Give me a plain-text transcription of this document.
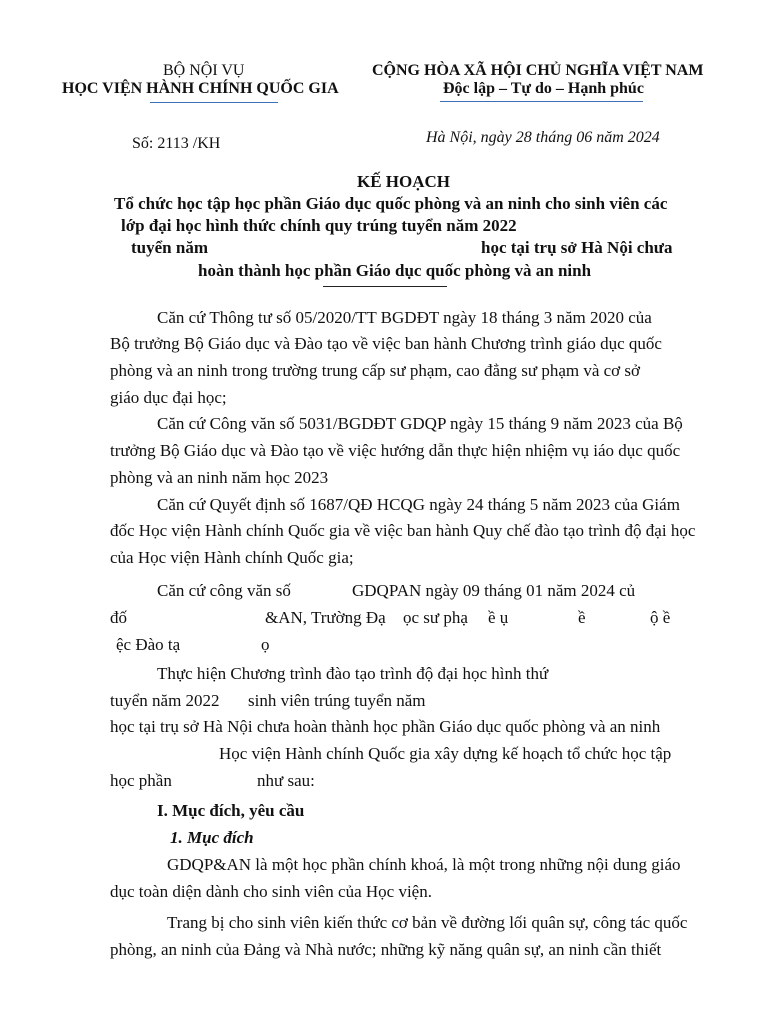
BỘ NỘI VỤ
HỌC VIỆN HÀNH CHÍNH QUỐC GIA
CỘNG HÒA XÃ HỘI CHỦ NGHĨA VIỆT NAM
Độc lập – Tự do – Hạnh phúc
Số: 2113 /KH	Hà Nội, ngày 28 tháng 06 năm 2024
KẾ HOẠCH
Tổ chức học tập học phần Giáo dục quốc phòng và an ninh cho sinh viên các
lớp đại học hình thức chính quy trúng tuyển năm 2022
tuyển năm	học tại trụ sở Hà Nội chưa
hoàn thành học phần Giáo dục quốc phòng và an ninh
Căn cứ Thông tư số 05/2020/TT BGDĐT ngày 18 tháng 3 năm 2020 của
Bộ trưởng Bộ Giáo dục và Đào tạo về việc ban hành Chương trình giáo dục quốc
phòng và an ninh trong trường trung cấp sư phạm, cao đẳng sư phạm và cơ sở
giáo dục đại học;
Căn cứ Công văn số 5031/BGDĐT GDQP ngày 15 tháng 9 năm 2023 của Bộ
trưởng Bộ Giáo dục và Đào tạo về việc hướng dẫn thực hiện nhiệm vụ iáo dục quốc
phòng và an ninh năm học 2023
Căn cứ Quyết định số 1687/QĐ HCQG ngày 24 tháng 5 năm 2023 của Giám
đốc Học viện Hành chính Quốc gia về việc ban hành Quy chế đào tạo trình độ đại học
của Học viện Hành chính Quốc gia;
Căn cứ công văn số	GDQPAN ngày 09 tháng 01 năm 2024 củ
đố	&AN, Trường Đạ ọc sư phạ ề ụ	ề	ộ ề
ệc Đào tạ	ọ
Thực hiện Chương trình đào tạo trình độ đại học hình thứ
tuyển năm 2022 sinh viên trúng tuyển năm
học tại trụ sở Hà Nội chưa hoàn thành học phần Giáo dục quốc phòng và an ninh
Học viện Hành chính Quốc gia xây dựng kế hoạch tổ chức học tập
học phần	như sau:
I. Mục đích, yêu cầu
1. Mục đích
GDQP&AN là một học phần chính khoá, là một trong những nội dung giáo
dục toàn diện dành cho sinh viên của Học viện.
Trang bị cho sinh viên kiến thức cơ bản về đường lối quân sự, công tác quốc
phòng, an ninh của Đảng và Nhà nước; những kỹ năng quân sự, an ninh cần thiết
